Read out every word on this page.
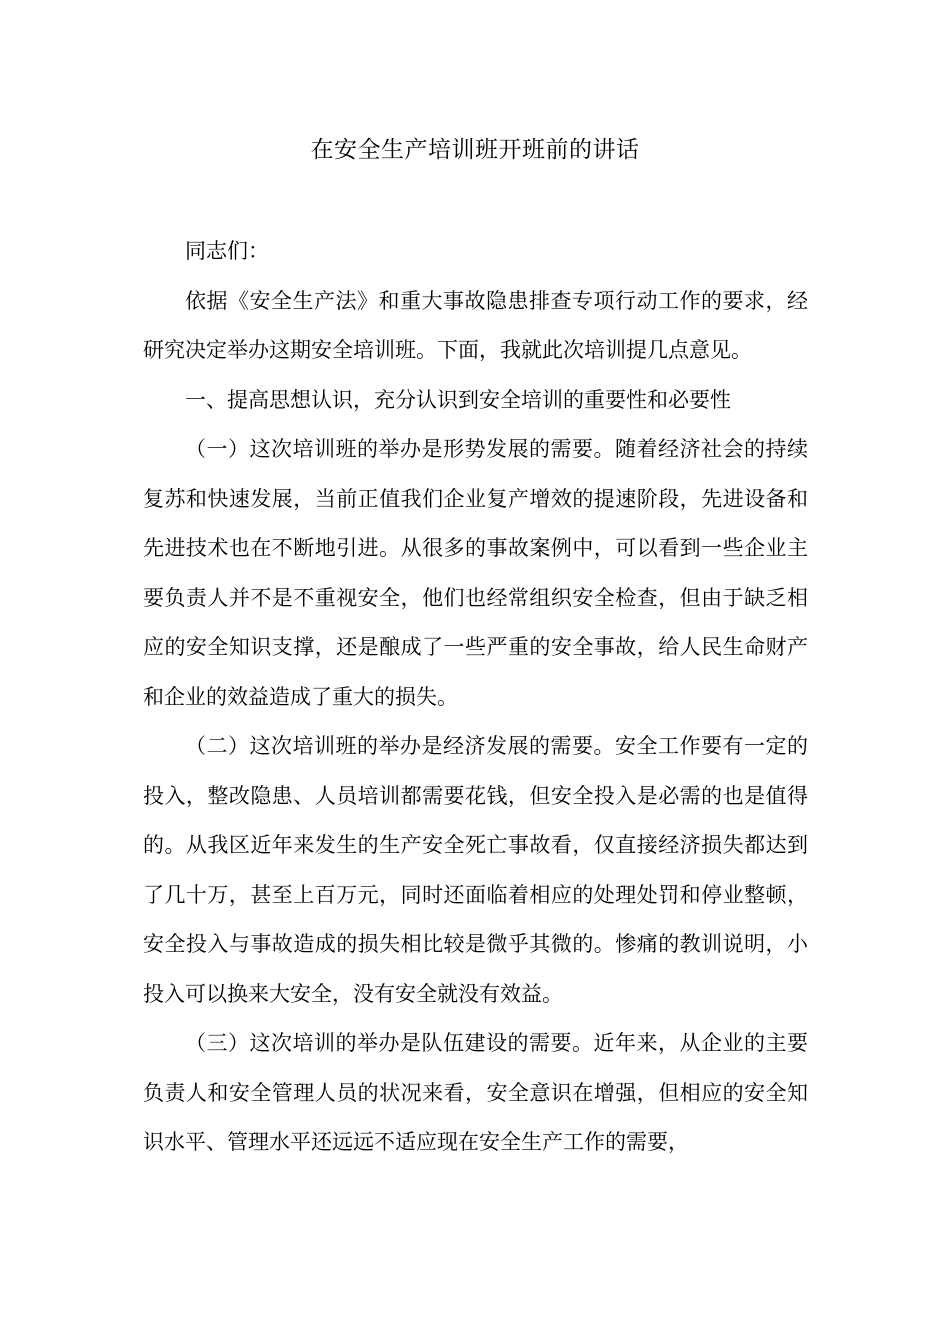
在安全生产培训班开班前的讲话

同志们：

依据《安全生产法》和重大事故隐患排查专项行动工作的要求，经研究决定举办这期安全培训班。下面，我就此次培训提几点意见。

一、提高思想认识，充分认识到安全培训的重要性和必要性

（一）这次培训班的举办是形势发展的需要。随着经济社会的持续复苏和快速发展，当前正值我们企业复产增效的提速阶段，先进设备和先进技术也在不断地引进。从很多的事故案例中，可以看到一些企业主要负责人并不是不重视安全，他们也经常组织安全检查，但由于缺乏相应的安全知识支撑，还是酿成了一些严重的安全事故，给人民生命财产和企业的效益造成了重大的损失。

（二）这次培训班的举办是经济发展的需要。安全工作要有一定的投入，整改隐患、人员培训都需要花钱，但安全投入是必需的也是值得的。从我区近年来发生的生产安全死亡事故看，仅直接经济损失都达到了几十万，甚至上百万元，同时还面临着相应的处理处罚和停业整顿，安全投入与事故造成的损失相比较是微乎其微的。惨痛的教训说明，小投入可以换来大安全，没有安全就没有效益。

（三）这次培训的举办是队伍建设的需要。近年来，从企业的主要负责人和安全管理人员的状况来看，安全意识在增强，但相应的安全知识水平、管理水平还远远不适应现在安全生产工作的需要，
